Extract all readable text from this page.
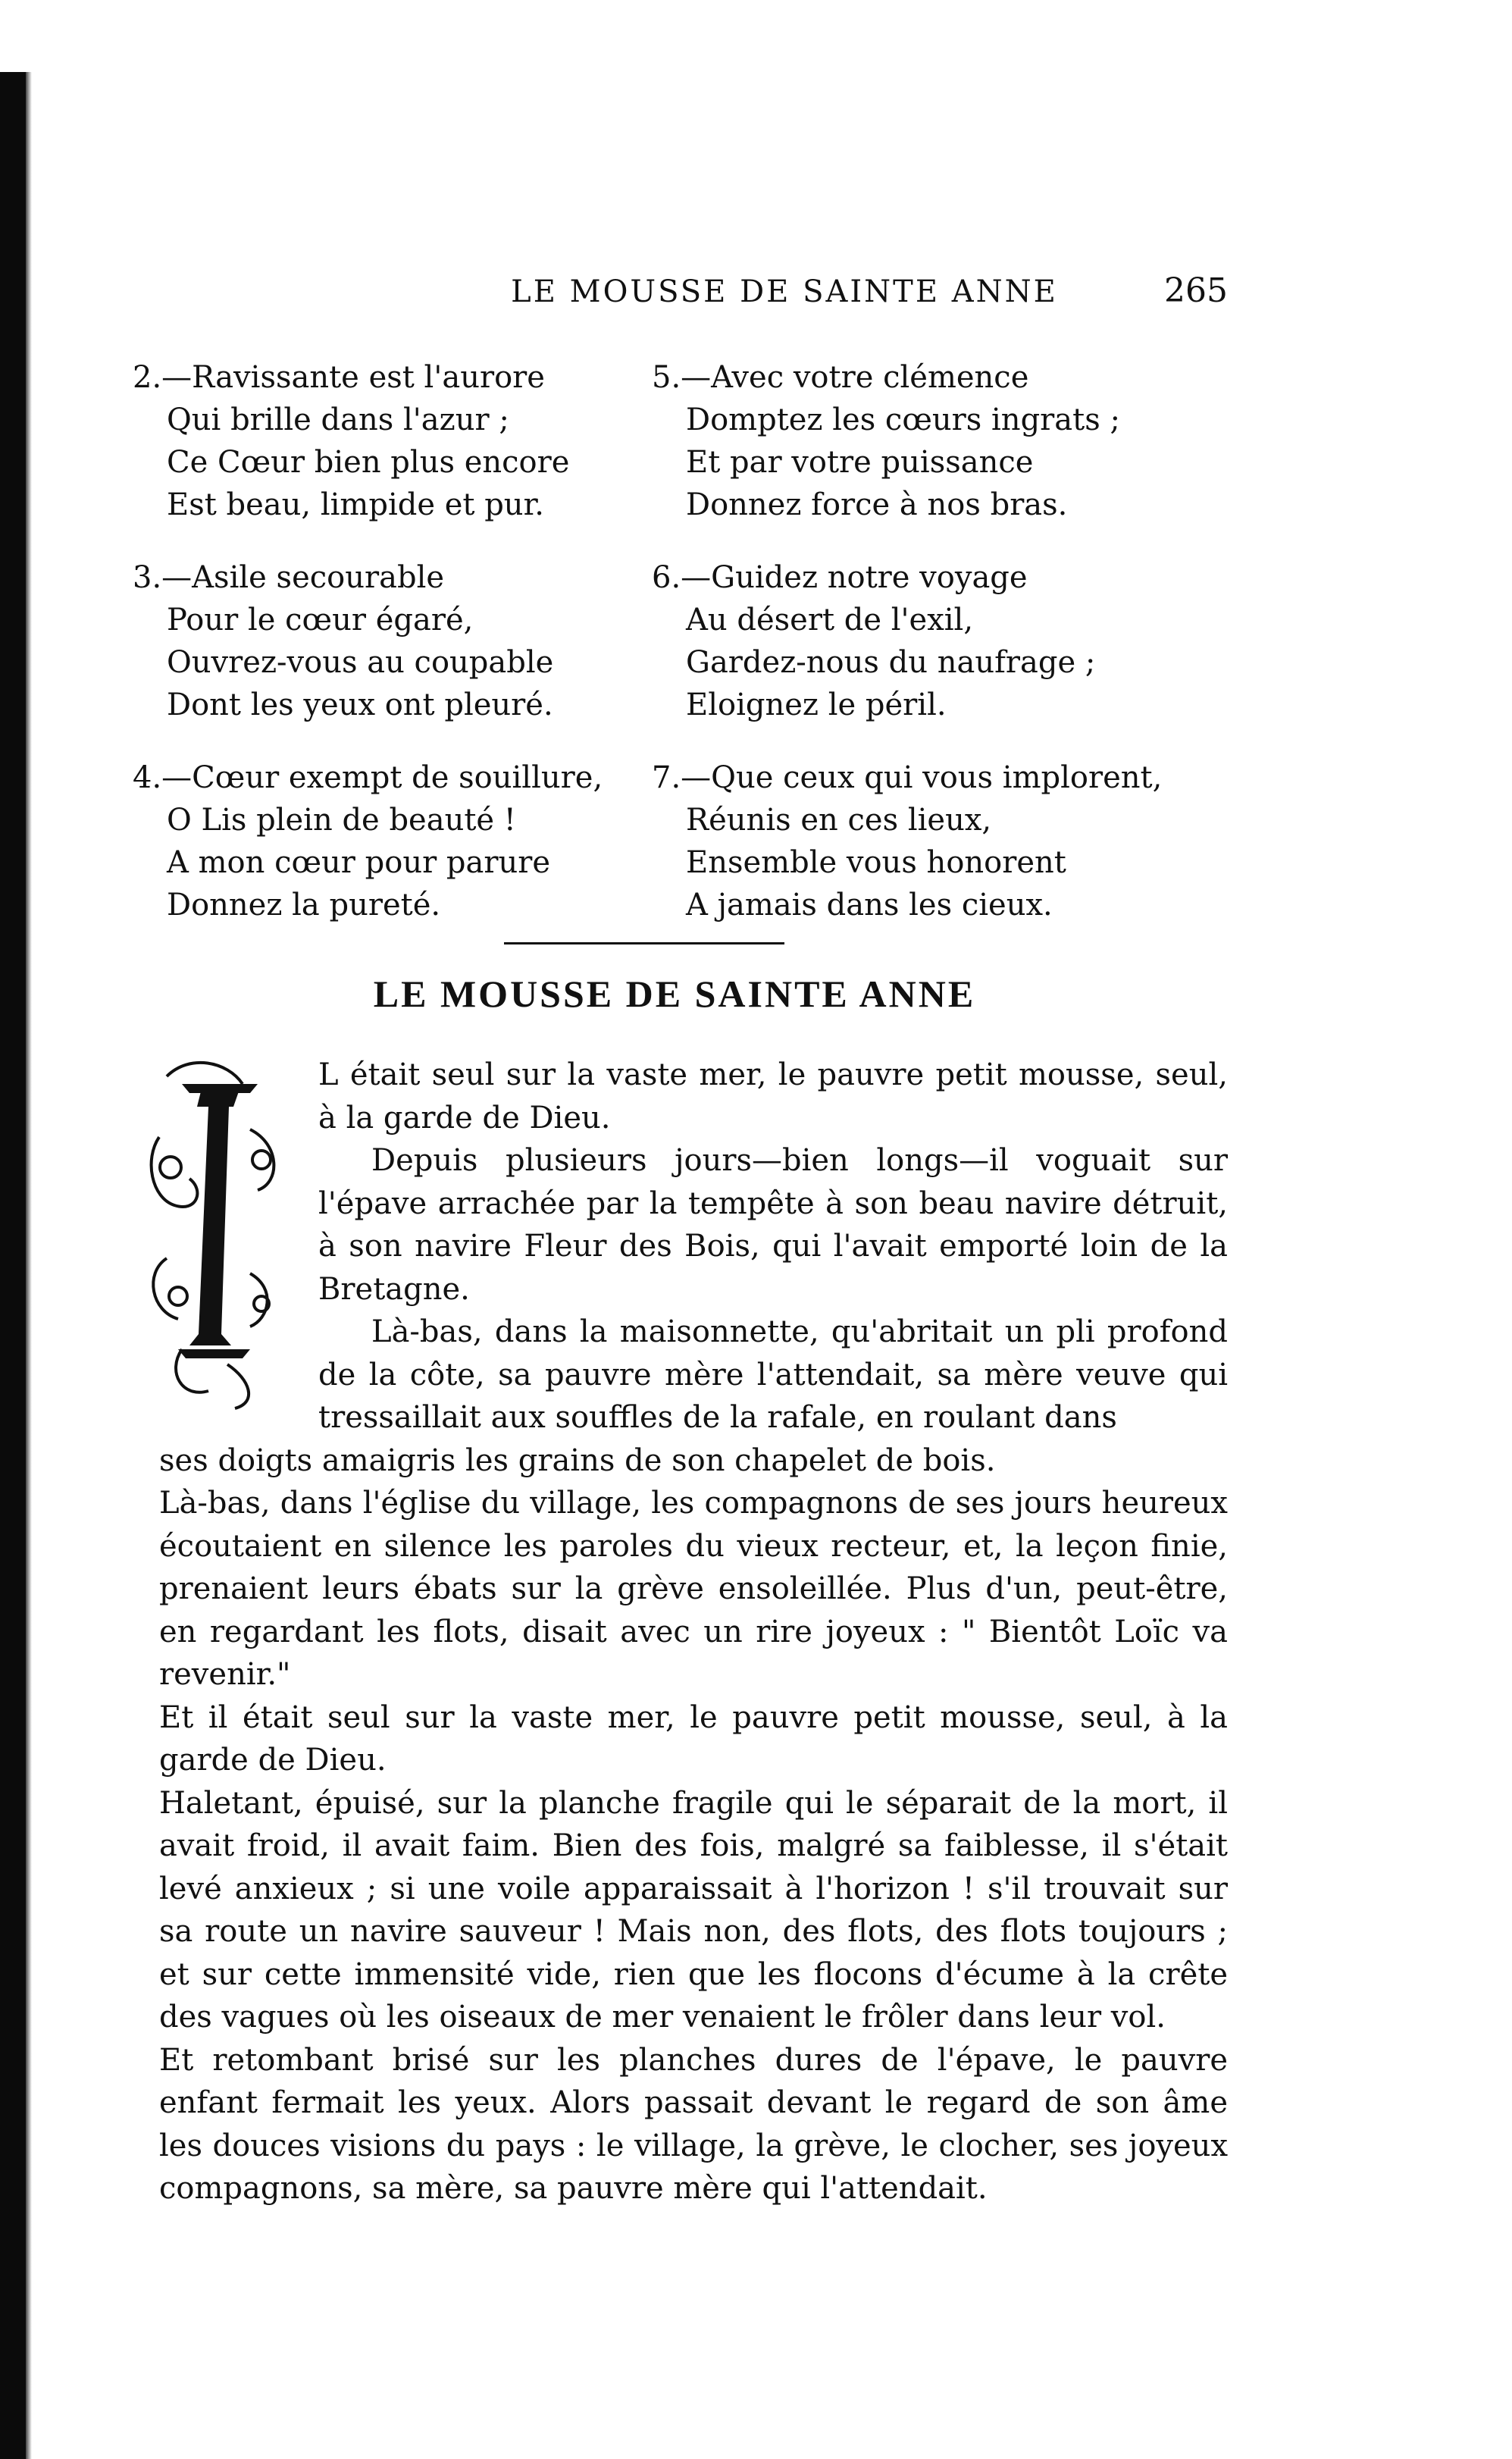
LE MOUSSE DE SAINTE ANNE	265
2.—Ravissante est l'aurore
Qui brille dans l'azur ;
Ce Cœur bien plus encore
Est beau, limpide et pur.
3.—Asile secourable
Pour le cœur égaré,
Ouvrez-vous au coupable
Dont les yeux ont pleuré.
4.—Cœur exempt de souillure,
O Lis plein de beauté !
A mon cœur pour parure
Donnez la pureté.
5.—Avec votre clémence
Domptez les cœurs ingrats ;
Et par votre puissance
Donnez force à nos bras.
6.—Guidez notre voyage
Au désert de l'exil,
Gardez-nous du naufrage ;
Eloignez le péril.
7.—Que ceux qui vous implorent,
Réunis en ces lieux,
Ensemble vous honorent
A jamais dans les cieux.
LE MOUSSE DE SAINTE ANNE

L était seul sur la vaste mer, le pauvre petit mousse, seul, à la garde de Dieu.

Depuis plusieurs jours—bien longs—il voguait sur l'épave arrachée par la tempête à son beau navire détruit, à son navire Fleur des Bois, qui l'avait emporté loin de la Bretagne.

Là-bas, dans la maisonnette, qu'abritait un pli profond de la côte, sa pauvre mère l'attendait, sa mère veuve qui tressaillait aux souffles de la rafale, en roulant dans

ses doigts amaigris les grains de son chapelet de bois.

Là-bas, dans l'église du village, les compagnons de ses jours heureux écoutaient en silence les paroles du vieux recteur, et, la leçon finie, prenaient leurs ébats sur la grève ensoleillée. Plus d'un, peut-être, en regardant les flots, disait avec un rire joyeux : " Bientôt Loïc va revenir."

Et il était seul sur la vaste mer, le pauvre petit mousse, seul, à la garde de Dieu.

Haletant, épuisé, sur la planche fragile qui le séparait de la mort, il avait froid, il avait faim. Bien des fois, malgré sa faiblesse, il s'était levé anxieux ; si une voile apparaissait à l'horizon ! s'il trouvait sur sa route un navire sauveur ! Mais non, des flots, des flots toujours ; et sur cette immensité vide, rien que les flocons d'écume à la crête des vagues où les oiseaux de mer venaient le frôler dans leur vol.

Et retombant brisé sur les planches dures de l'épave, le pauvre enfant fermait les yeux. Alors passait devant le regard de son âme les douces visions du pays : le village, la grève, le clocher, ses joyeux compagnons, sa mère, sa pauvre mère qui l'attendait.
